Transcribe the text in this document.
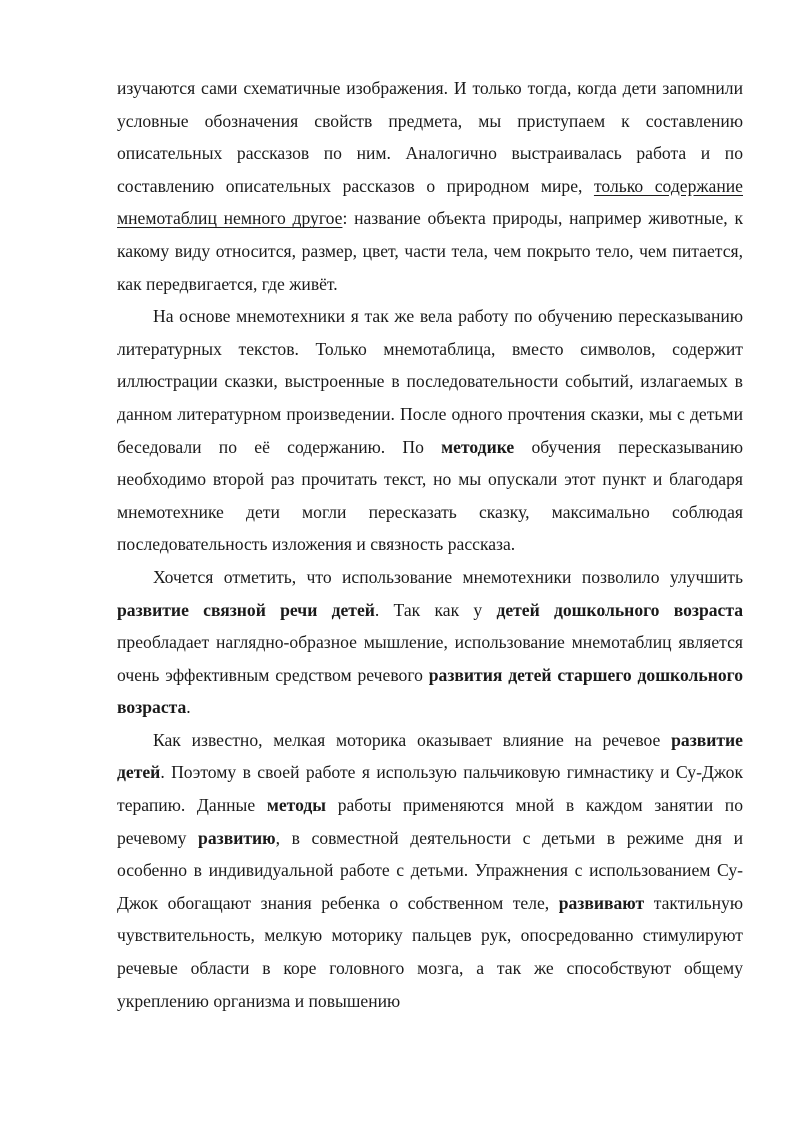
изучаются сами схематичные изображения. И только тогда, когда дети запомнили условные обозначения свойств предмета, мы приступаем к составлению описательных рассказов по ним. Аналогично выстраивалась работа и по составлению описательных рассказов о природном мире, только содержание мнемотаблиц немного другое: название объекта природы, например животные, к какому виду относится, размер, цвет, части тела, чем покрыто тело, чем питается, как передвигается, где живёт.

На основе мнемотехники я так же вела работу по обучению пересказыванию литературных текстов. Только мнемотаблица, вместо символов, содержит иллюстрации сказки, выстроенные в последовательности событий, излагаемых в данном литературном произведении. После одного прочтения сказки, мы с детьми беседовали по её содержанию. По методике обучения пересказыванию необходимо второй раз прочитать текст, но мы опускали этот пункт и благодаря мнемотехнике дети могли пересказать сказку, максимально соблюдая последовательность изложения и связность рассказа.

Хочется отметить, что использование мнемотехники позволило улучшить развитие связной речи детей. Так как у детей дошкольного возраста преобладает наглядно-образное мышление, использование мнемотаблиц является очень эффективным средством речевого развития детей старшего дошкольного возраста.

Как известно, мелкая моторика оказывает влияние на речевое развитие детей. Поэтому в своей работе я использую пальчиковую гимнастику и Су-Джок терапию. Данные методы работы применяются мной в каждом занятии по речевому развитию, в совместной деятельности с детьми в режиме дня и особенно в индивидуальной работе с детьми. Упражнения с использованием Су-Джок обогащают знания ребенка о собственном теле, развивают тактильную чувствительность, мелкую моторику пальцев рук, опосредованно стимулируют речевые области в коре головного мозга, а так же способствуют общему укреплению организма и повышению
